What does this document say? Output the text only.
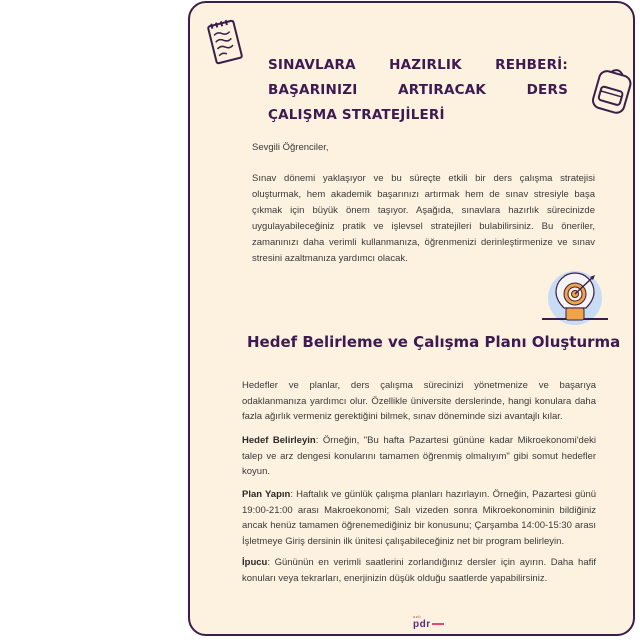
SINAVLARA HAZIRLIK REHBERİ: BAŞARINIZI ARTIRACAK DERS ÇALIŞMA STRATEJİLERİ

Sevgili Öğrenciler,

Sınav dönemi yaklaşıyor ve bu süreçte etkili bir ders çalışma stratejisi oluşturmak, hem akademik başarınızı artırmak hem de sınav stresiyle başa çıkmak için büyük önem taşıyor. Aşağıda, sınavlara hazırlık sürecinizde uygulayabileceğiniz pratik ve işlevsel stratejileri bulabilirsiniz. Bu öneriler, zamanınızı daha verimli kullanmanıza, öğrenmenizi derinleştirmenize ve sınav stresini azaltmanıza yardımcı olacak.

Hedef Belirleme ve Çalışma Planı Oluşturma

Hedefler ve planlar, ders çalışma sürecinizi yönetmenize ve başarıya odaklanmanıza yardımcı olur. Özellikle üniversite derslerinde, hangi konulara daha fazla ağırlık vermeniz gerektiğini bilmek, sınav döneminde sizi avantajlı kılar.

Hedef Belirleyin: Örneğin, "Bu hafta Pazartesi gününe kadar Mikroekonomi'deki talep ve arz dengesi konularını tamamen öğrenmiş olmalıyım" gibi somut hedefler koyun.

Plan Yapın: Haftalık ve günlük çalışma planları hazırlayın. Örneğin, Pazartesi günü 19:00-21:00 arası Makroekonomi; Salı vizeden sonra Mikroekonominin bildiğiniz ancak henüz tamamen öğrenemediğiniz bir konusunu; Çarşamba 14:00-15:30 arası İşletmeye Giriş dersinin ilk ünitesi çalışabileceğiniz net bir program belirleyin.

İpucu: Gününün en verimli saatlerini zorlandığınız dersler için ayırın. Daha hafif konuları veya tekrarları, enerjinizin düşük olduğu saatlerde yapabilirsiniz.

ozü
pdr
